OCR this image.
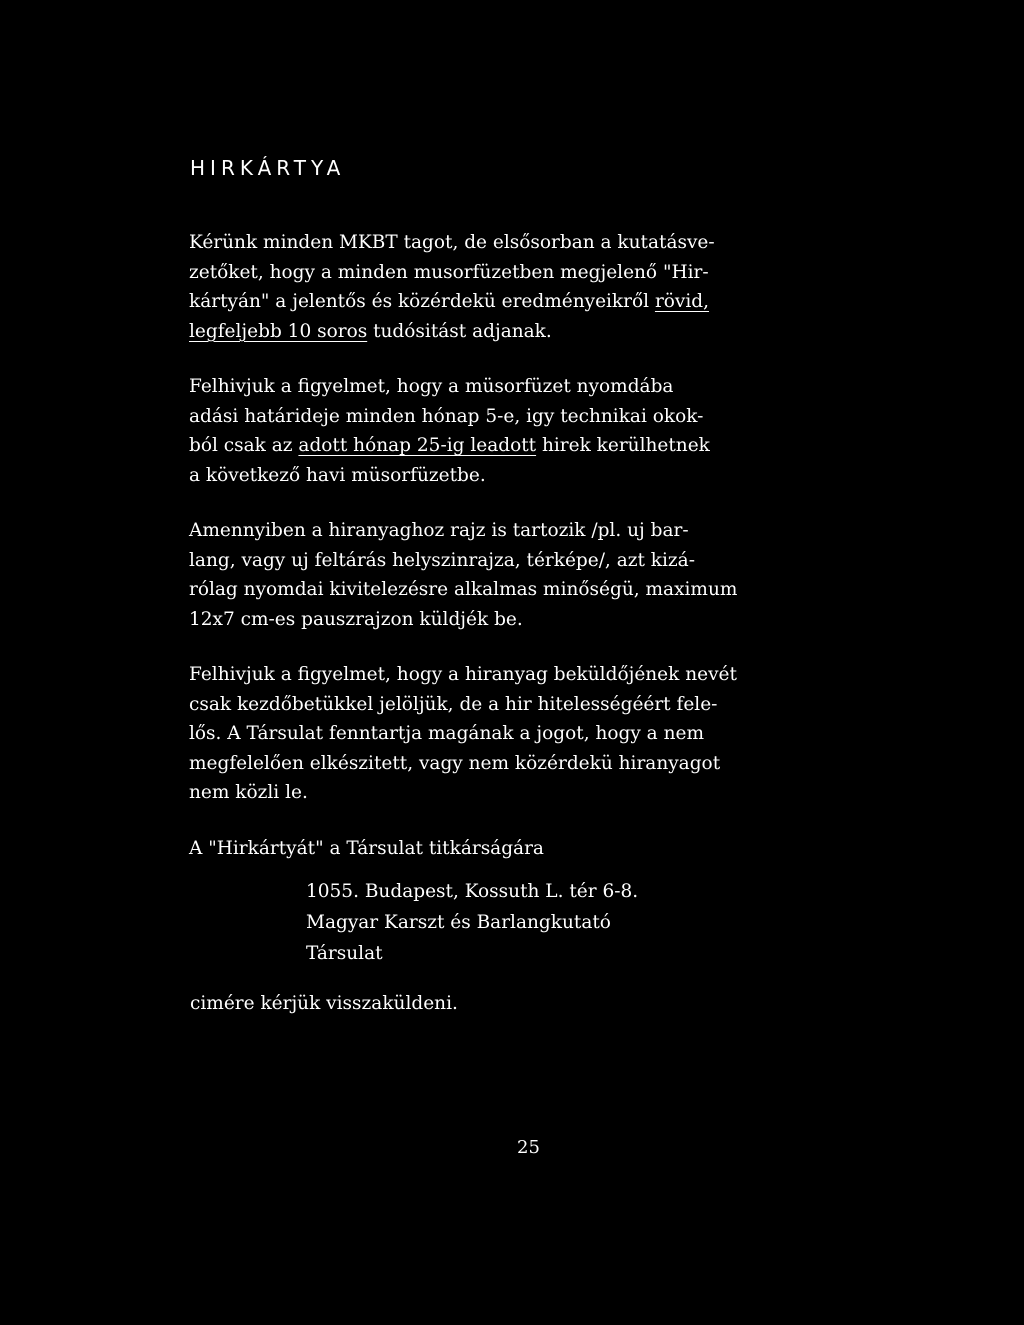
HIRKÁRTYA

Kérünk minden MKBT tagot, de elsősorban a kutatásve-
zetőket, hogy a minden musorfüzetben megjelenő "Hir-
kártyán" a jelentős és közérdekü eredményeikről rövid,
legfeljebb 10 soros tudósitást adjanak.

Felhivjuk a figyelmet, hogy a müsorfüzet nyomdába
adási határideje minden hónap 5-e, igy technikai okok-
ból csak az adott hónap 25-ig leadott hirek kerülhetnek
a következő havi müsorfüzetbe.

Amennyiben a hiranyaghoz rajz is tartozik /pl. uj bar-
lang, vagy uj feltárás helyszinrajza, térképe/, azt kizá-
rólag nyomdai kivitelezésre alkalmas minőségü, maximum
12x7 cm-es pauszrajzon küldjék be.

Felhivjuk a figyelmet, hogy a hiranyag beküldőjének nevét
csak kezdőbetükkel jelöljük, de a hir hitelességéért fele-
lős. A Társulat fenntartja magának a jogot, hogy a nem
megfelelően elkészitett, vagy nem közérdekü hiranyagot
nem közli le.

A "Hirkártyát" a Társulat titkárságára

1055. Budapest, Kossuth L. tér 6-8.
Magyar Karszt és Barlangkutató
Társulat

cimére kérjük visszaküldeni.

25
